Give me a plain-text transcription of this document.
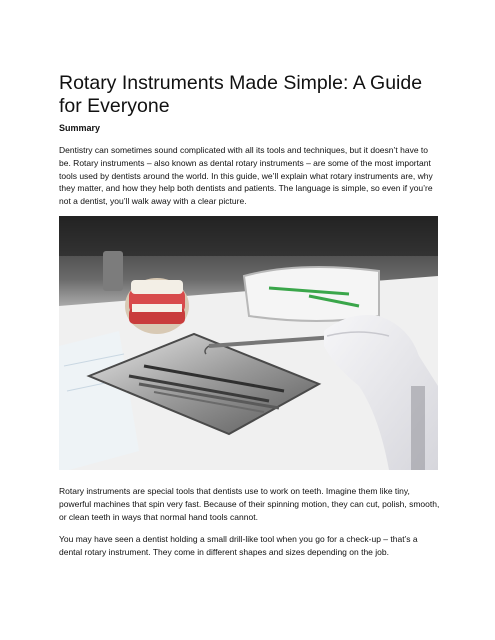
Rotary Instruments Made Simple: A Guide for Everyone

Summary

Dentistry can sometimes sound complicated with all its tools and techniques, but it doesn’t have to be. Rotary instruments – also known as dental rotary instruments – are some of the most important tools used by dentists around the world. In this guide, we’ll explain what rotary instruments are, why they matter, and how they help both dentists and patients. The language is simple, so even if you’re not a dentist, you’ll walk away with a clear picture.

Rotary instruments are special tools that dentists use to work on teeth. Imagine them like tiny, powerful machines that spin very fast. Because of their spinning motion, they can cut, polish, smooth, or clean teeth in ways that normal hand tools cannot.

You may have seen a dentist holding a small drill-like tool when you go for a check-up – that’s a dental rotary instrument. They come in different shapes and sizes depending on the job.
